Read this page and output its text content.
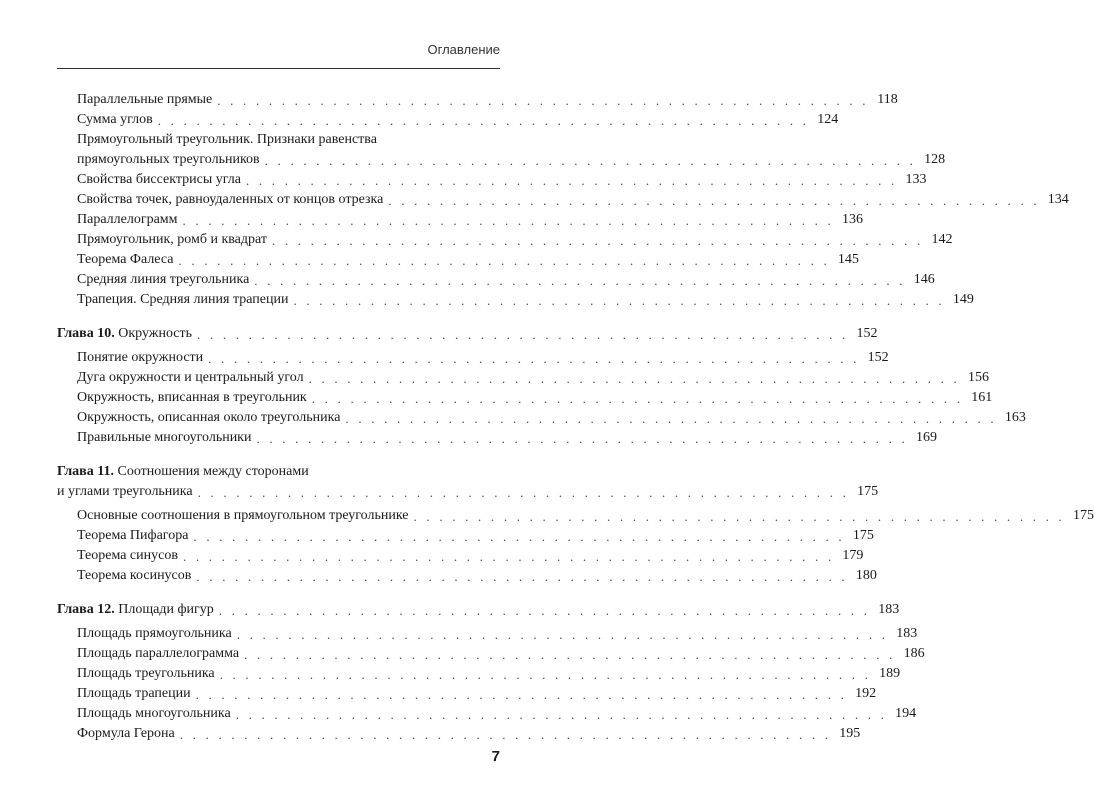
Оглавление
Параллельные прямые . . . . . . . . . . . . . . . . . . . . . . . . . . . . . . . . . . . . . . . . . . . . . . . . . . . 118
Сумма углов . . . . . . . . . . . . . . . . . . . . . . . . . . . . . . . . . . . . . . . . . . . . . . . . . . . 124
Прямоугольный треугольник. Признаки равенства
прямоугольных треугольников . . . . . . . . . . . . . . . . . . . . . . . . . . . . . . . . . . . . . . . . . . . . . . . . . . . 128
Свойства биссектрисы угла . . . . . . . . . . . . . . . . . . . . . . . . . . . . . . . . . . . . . . . . . . . . . . . . . . . 133
Свойства точек, равноудаленных от концов отрезка . . . . . . . . . . . . . . . . . . . . . . . . . . . . . . . . . . . . . . . . . . . . . . . . . . . 134
Параллелограмм . . . . . . . . . . . . . . . . . . . . . . . . . . . . . . . . . . . . . . . . . . . . . . . . . . . 136
Прямоугольник, ромб и квадрат . . . . . . . . . . . . . . . . . . . . . . . . . . . . . . . . . . . . . . . . . . . . . . . . . . . 142
Теорема Фалеса . . . . . . . . . . . . . . . . . . . . . . . . . . . . . . . . . . . . . . . . . . . . . . . . . . . 145
Средняя линия треугольника . . . . . . . . . . . . . . . . . . . . . . . . . . . . . . . . . . . . . . . . . . . . . . . . . . . 146
Трапеция. Средняя линия трапеции . . . . . . . . . . . . . . . . . . . . . . . . . . . . . . . . . . . . . . . . . . . . . . . . . . . 149
Глава 10. Окружность . . . . . . . . . . . . . . . . . . . . . . . . . . . . . . . . . . . . . . . . . . . . . . . . . . . 152
Понятие окружности . . . . . . . . . . . . . . . . . . . . . . . . . . . . . . . . . . . . . . . . . . . . . . . . . . . 152
Дуга окружности и центральный угол . . . . . . . . . . . . . . . . . . . . . . . . . . . . . . . . . . . . . . . . . . . . . . . . . . . 156
Окружность, вписанная в треугольник . . . . . . . . . . . . . . . . . . . . . . . . . . . . . . . . . . . . . . . . . . . . . . . . . . . 161
Окружность, описанная около треугольника . . . . . . . . . . . . . . . . . . . . . . . . . . . . . . . . . . . . . . . . . . . . . . . . . . . 163
Правильные многоугольники . . . . . . . . . . . . . . . . . . . . . . . . . . . . . . . . . . . . . . . . . . . . . . . . . . . 169
Глава 11. Соотношения между сторонами
и углами треугольника . . . . . . . . . . . . . . . . . . . . . . . . . . . . . . . . . . . . . . . . . . . . . . . . . . . 175
Основные соотношения в прямоугольном треугольнике . . . . . . . . . . . . . . . . . . . . . . . . . . . . . . . . . . . . . . . . . . . . . . . . . . . 175
Теорема Пифагора . . . . . . . . . . . . . . . . . . . . . . . . . . . . . . . . . . . . . . . . . . . . . . . . . . . 175
Теорема синусов . . . . . . . . . . . . . . . . . . . . . . . . . . . . . . . . . . . . . . . . . . . . . . . . . . . 179
Теорема косинусов . . . . . . . . . . . . . . . . . . . . . . . . . . . . . . . . . . . . . . . . . . . . . . . . . . . 180
Глава 12. Площади фигур . . . . . . . . . . . . . . . . . . . . . . . . . . . . . . . . . . . . . . . . . . . . . . . . . . . 183
Площадь прямоугольника . . . . . . . . . . . . . . . . . . . . . . . . . . . . . . . . . . . . . . . . . . . . . . . . . . . 183
Площадь параллелограмма . . . . . . . . . . . . . . . . . . . . . . . . . . . . . . . . . . . . . . . . . . . . . . . . . . . 186
Площадь треугольника . . . . . . . . . . . . . . . . . . . . . . . . . . . . . . . . . . . . . . . . . . . . . . . . . . . 189
Площадь трапеции . . . . . . . . . . . . . . . . . . . . . . . . . . . . . . . . . . . . . . . . . . . . . . . . . . . 192
Площадь многоугольника . . . . . . . . . . . . . . . . . . . . . . . . . . . . . . . . . . . . . . . . . . . . . . . . . . . 194
Формула Герона . . . . . . . . . . . . . . . . . . . . . . . . . . . . . . . . . . . . . . . . . . . . . . . . . . . 195
7
